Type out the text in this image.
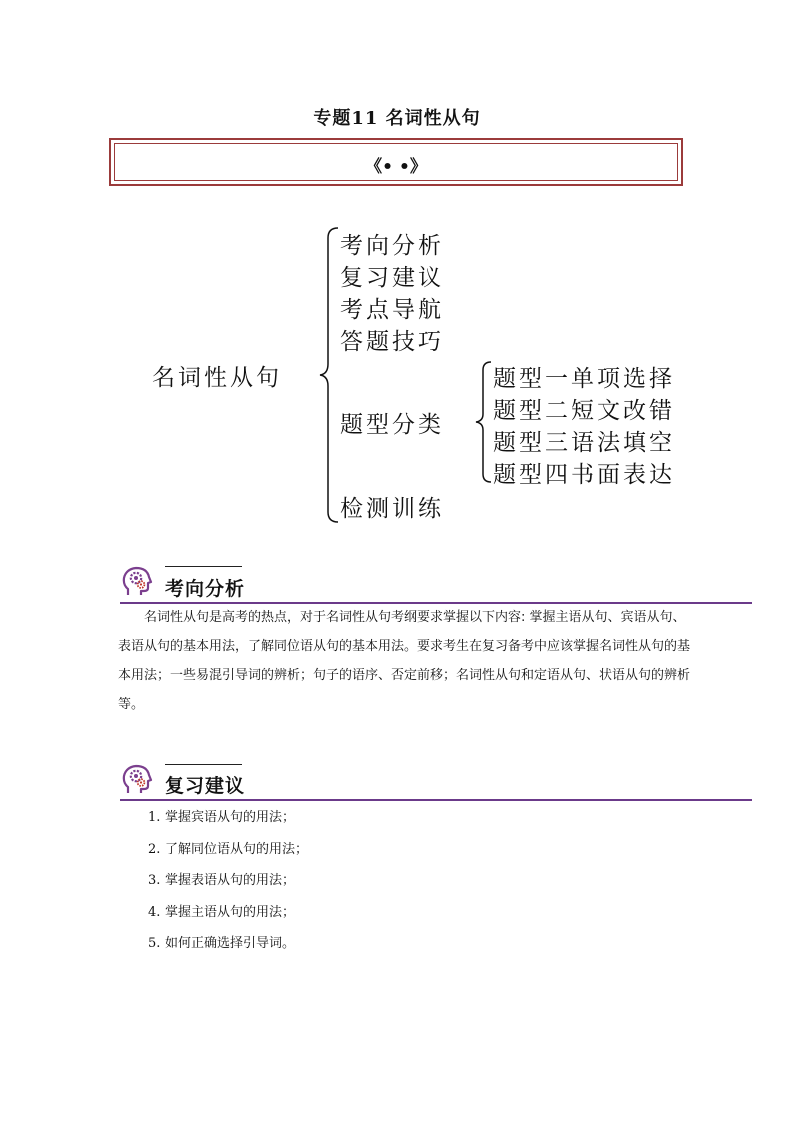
专题11 名词性从句
《• •》
名词性从句
考向分析
复习建议
考点导航
答题技巧
题型分类
检测训练
题型一单项选择
题型二短文改错
题型三语法填空
题型四书面表达
考向分析
名词性从句是高考的热点，对于名词性从句考纲要求掌握以下内容: 掌握主语从句、宾语从句、表语从句的基本用法，了解同位语从句的基本用法。要求考生在复习备考中应该掌握名词性从句的基本用法；一些易混引导词的辨析；句子的语序、否定前移；名词性从句和定语从句、状语从句的辨析等。
复习建议
1. 掌握宾语从句的用法；
2. 了解同位语从句的用法；
3. 掌握表语从句的用法；
4. 掌握主语从句的用法；
5. 如何正确选择引导词。
